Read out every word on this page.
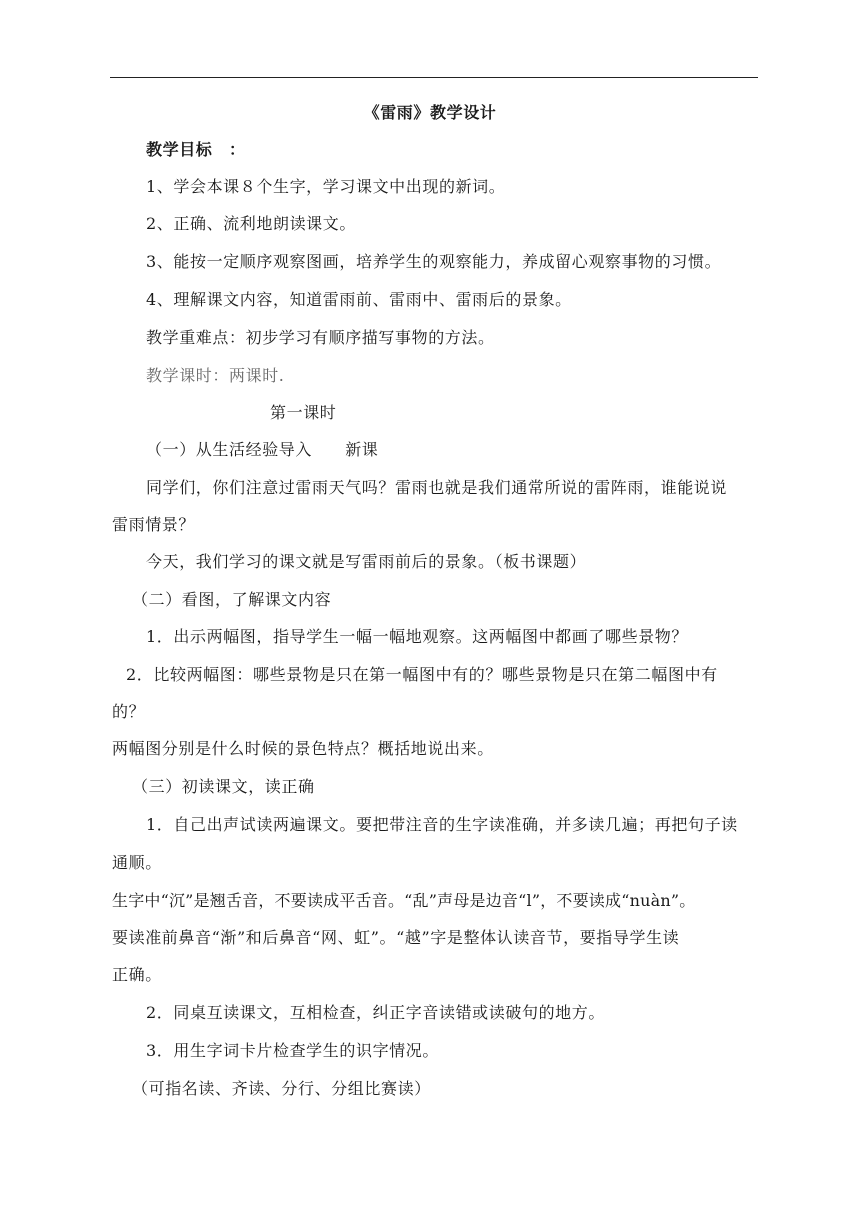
《雷雨》教学设计
教学目标　：
1、学会本课８个生字，学习课文中出现的新词。
2、正确、流利地朗读课文。
3、能按一定顺序观察图画，培养学生的观察能力，养成留心观察事物的习惯。
4、理解课文内容，知道雷雨前、雷雨中、雷雨后的景象。
教学重难点：初步学习有顺序描写事物的方法。
教学课时：两课时.
第一课时
（一）从生活经验导入　　新课
同学们，你们注意过雷雨天气吗？雷雨也就是我们通常所说的雷阵雨，谁能说说
雷雨情景？
今天，我们学习的课文就是写雷雨前后的景象。（板书课题）
（二）看图，了解课文内容
1．出示两幅图，指导学生一幅一幅地观察。这两幅图中都画了哪些景物？
2．比较两幅图：哪些景物是只在第一幅图中有的？哪些景物是只在第二幅图中有
的？
两幅图分别是什么时候的景色特点？概括地说出来。
（三）初读课文，读正确
1．自己出声试读两遍课文。要把带注音的生字读准确，并多读几遍；再把句子读
通顺。
生字中“沉”是翘舌音，不要读成平舌音。“乱”声母是边音“l”，不要读成“nuàn”。
要读准前鼻音“渐”和后鼻音“网、虹”。“越”字是整体认读音节，要指导学生读
正确。
2．同桌互读课文，互相检查，纠正字音读错或读破句的地方。
3．用生字词卡片检查学生的识字情况。
（可指名读、齐读、分行、分组比赛读）
